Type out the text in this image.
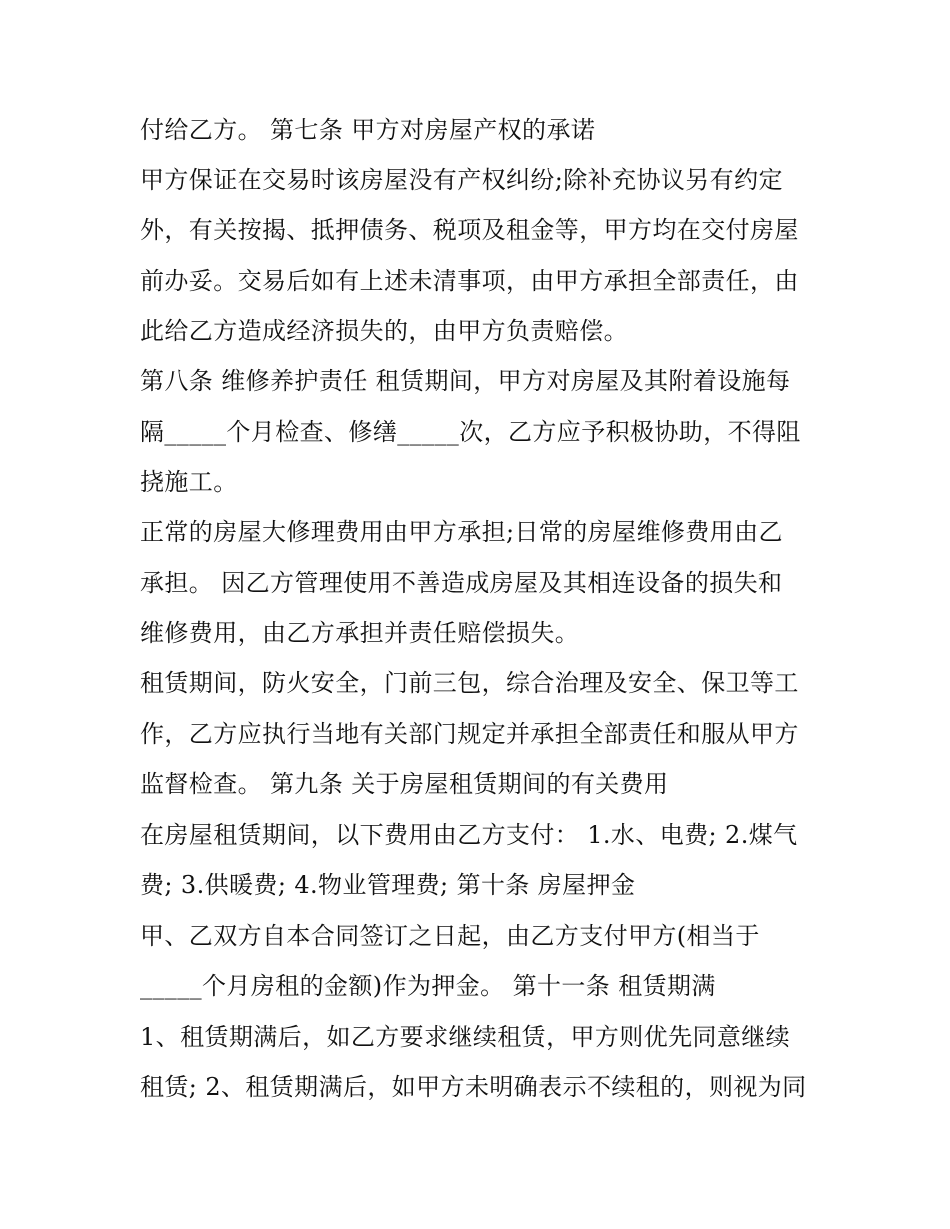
付给乙方。 第七条 甲方对房屋产权的承诺
甲方保证在交易时该房屋没有产权纠纷;除补充协议另有约定
外，有关按揭、抵押债务、税项及租金等，甲方均在交付房屋
前办妥。交易后如有上述未清事项，由甲方承担全部责任，由
此给乙方造成经济损失的，由甲方负责赔偿。
第八条 维修养护责任 租赁期间，甲方对房屋及其附着设施每
隔_____个月检查、修缮_____次，乙方应予积极协助，不得阻
挠施工。
正常的房屋大修理费用由甲方承担;日常的房屋维修费用由乙
承担。 因乙方管理使用不善造成房屋及其相连设备的损失和
维修费用，由乙方承担并责任赔偿损失。
租赁期间，防火安全，门前三包，综合治理及安全、保卫等工
作，乙方应执行当地有关部门规定并承担全部责任和服从甲方
监督检查。 第九条 关于房屋租赁期间的有关费用
在房屋租赁期间，以下费用由乙方支付： 1.水、电费; 2.煤气
费; 3.供暖费; 4.物业管理费; 第十条 房屋押金
甲、乙双方自本合同签订之日起，由乙方支付甲方(相当于
_____个月房租的金额)作为押金。 第十一条 租赁期满
1、租赁期满后，如乙方要求继续租赁，甲方则优先同意继续
租赁; 2、租赁期满后，如甲方未明确表示不续租的，则视为同
